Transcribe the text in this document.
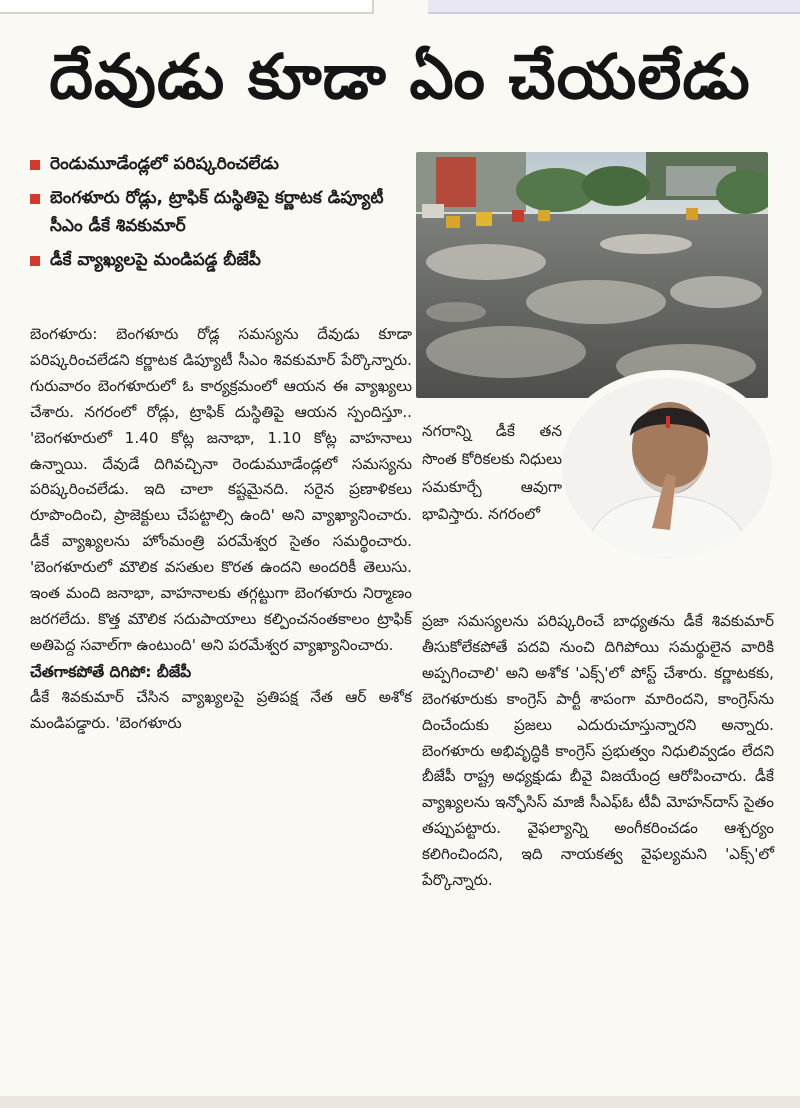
దేవుడు కూడా ఏం చేయలేడు
రెండుమూడేండ్లలో పరిష్కరించలేడు
బెంగళూరు రోడ్లు, ట్రాఫిక్ దుస్థితిపై కర్ణాటక డిప్యూటీ సీఎం డీకే శివకుమార్
డీకే వ్యాఖ్యలపై మండిపడ్డ బీజేపీ

బెంగళూరు: బెంగళూరు రోడ్ల సమస్యను దేవుడు కూడా పరిష్కరించలేడని కర్ణాటక డిప్యూటీ సీఎం శివకుమార్ పేర్కొన్నారు. గురువారం బెంగళూరులో ఓ కార్యక్రమంలో ఆయన ఈ వ్యాఖ్యలు చేశారు. నగరంలో రోడ్లు, ట్రాఫిక్ దుస్థితిపై ఆయన స్పందిస్తూ.. 'బెంగళూరులో 1.40 కోట్ల జనాభా, 1.10 కోట్ల వాహనాలు ఉన్నాయి. దేవుడే దిగివచ్చినా రెండుమూడేండ్లలో సమస్యను పరిష్కరించలేడు. ఇది చాలా కష్టమైనది. సరైన ప్రణాళికలు రూపొందించి, ప్రాజెక్టులు చేపట్టాల్సి ఉంది' అని వ్యాఖ్యానించారు. డీకే వ్యాఖ్యలను హోంమంత్రి పరమేశ్వర సైతం సమర్థించారు. 'బెంగళూరులో మౌలిక వసతుల కొరత ఉందని అందరికీ తెలుసు. ఇంత మంది జనాభా, వాహనాలకు తగ్గట్టుగా బెంగళూరు నిర్మాణం జరగలేదు. కొత్త మౌలిక సదుపాయాలు కల్పించనంతకాలం ట్రాఫిక్ అతిపెద్ద సవాల్‌గా ఉంటుంది' అని పరమేశ్వర వ్యాఖ్యానించారు.

చేతగాకపోతే దిగిపో: బీజేపీ

డీకే శివకుమార్ చేసిన వ్యాఖ్యలపై ప్రతిపక్ష నేత ఆర్ అశోక మండిపడ్డారు. 'బెంగళూరు

నగరాన్ని డీకే తన సొంత కోరికలకు నిధులు సమకూర్చే ఆవుగా భావిస్తారు. నగరంలో

ప్రజా సమస్యలను పరిష్కరించే బాధ్యతను డీకే శివకుమార్ తీసుకోలేకపోతే పదవి నుంచి దిగిపోయి సమర్థులైన వారికి అప్పగించాలి' అని అశోక 'ఎక్స్'లో పోస్ట్ చేశారు. కర్ణాటకకు, బెంగళూరుకు కాంగ్రెస్ పార్టీ శాపంగా మారిందని, కాంగ్రెస్‌ను దించేందుకు ప్రజలు ఎదురుచూస్తున్నారని అన్నారు. బెంగళూరు అభివృద్ధికి కాంగ్రెస్ ప్రభుత్వం నిధులివ్వడం లేదని బీజేపీ రాష్ట్ర అధ్యక్షుడు బీవై విజయేంద్ర ఆరోపించారు. డీకే వ్యాఖ్యలను ఇన్ఫోసిస్ మాజీ సీఎఫ్ఓ టీవీ మోహన్‌దాస్ సైతం తప్పుపట్టారు. వైఫల్యాన్ని అంగీకరించడం ఆశ్చర్యం కలిగించిందని, ఇది నాయకత్వ వైఫల్యమని 'ఎక్స్'లో పేర్కొన్నారు.
